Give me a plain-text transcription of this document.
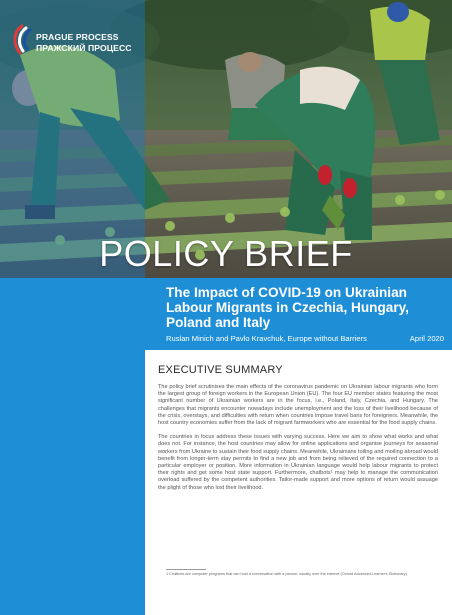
PRAGUE PROCESS
ПРАЖСКИЙ ПРОЦЕСС
POLICY BRIEF
The Impact of COVID-19 on Ukrainian
Labour Migrants in Czechia, Hungary,
Poland and Italy
Ruslan Minich and Pavlo Kravchuk, Europe without Barriers	April 2020
EXECUTIVE SUMMARY

The policy brief scrutinises the main effects of the coronavirus pandemic on Ukrainian labour migrants who form the largest group of foreign workers in the European Union (EU). The four EU member states featuring the most significant number of Ukrainian workers are in the focus, i.e., Poland, Italy, Czechia, and Hungary. The challenges that migrants encounter nowadays include unemployment and the loss of their livelihood because of the crisis, overstays, and difficulties with return when countries impose travel bans for foreigners. Meanwhile, the host country economies suffer from the lack of migrant farmworkers who are essential for the food supply chains.

The countries in focus address these issues with varying success. Here we aim to show what works and what does not. For instance, the host countries may allow for online applications and organise journeys for seasonal workers from Ukraine to sustain their food supply chains. Meanwhile, Ukrainians toiling and moiling abroad would benefit from longer-term stay permits to find a new job and from being relieved of the required connection to a particular employer or position. More information in Ukrainian language would help labour migrants to protect their rights and get some host state support. Furthermore, chatbots¹ may help to manage the communication overload suffered by the competent authorities. Tailor-made support and more options of return would assuage the plight of those who lost their livelihood.

1 Chatbots are computer programs that can hold a conversation with a person, usually over the internet (Oxford Advanced Learner's Dictionary).
